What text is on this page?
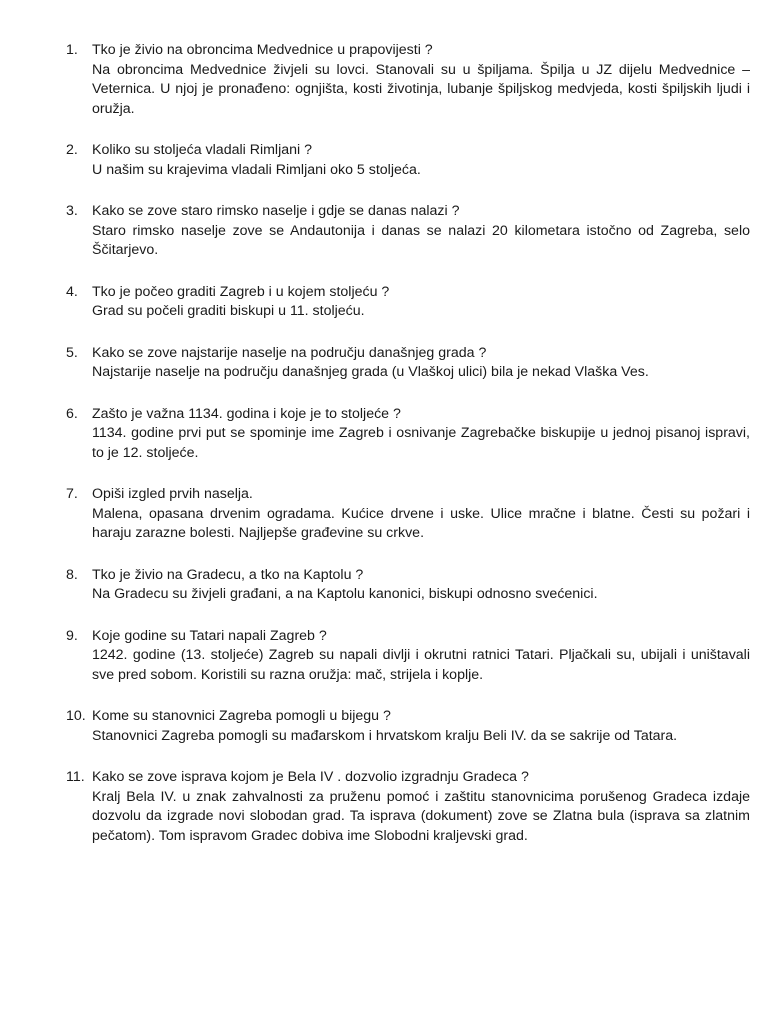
1. Tko je živio na obroncima Medvednice u prapovijesti ?
Na obroncima Medvednice živjeli su lovci. Stanovali su u špiljama. Špilja u JZ dijelu Medvednice – Veternica. U njoj je pronađeno: ognjišta, kosti životinja, lubanje špiljskog medvjeda, kosti špiljskih ljudi i oružja.
2. Koliko su stoljeća vladali Rimljani ?
U našim su krajevima vladali Rimljani oko 5 stoljeća.
3. Kako se zove staro rimsko naselje i gdje se danas nalazi ?
Staro rimsko naselje zove se Andautonija i danas se nalazi 20 kilometara istočno od Zagreba, selo Ščitarjevo.
4. Tko je počeo graditi Zagreb i u kojem stoljeću ?
Grad su počeli graditi biskupi u 11. stoljeću.
5. Kako se zove najstarije naselje na području današnjeg grada ?
Najstarije naselje na području današnjeg grada (u Vlaškoj ulici) bila je nekad Vlaška Ves.
6. Zašto je važna 1134. godina i koje je to stoljeće ?
1134. godine prvi put se spominje ime Zagreb i osnivanje Zagrebačke biskupije u jednoj pisanoj ispravi, to je 12. stoljeće.
7. Opiši izgled prvih naselja.
Malena, opasana drvenim ogradama. Kućice drvene i uske. Ulice mračne i blatne. Česti su požari i haraju zarazne bolesti. Najljepše građevine su crkve.
8. Tko je živio na Gradecu, a tko na Kaptolu ?
Na Gradecu su živjeli građani, a na Kaptolu kanonici, biskupi odnosno svećenici.
9. Koje godine su Tatari napali Zagreb ?
1242. godine (13. stoljeće) Zagreb su napali divlji i okrutni ratnici Tatari. Pljačkali su, ubijali i uništavali sve pred sobom. Koristili su razna oružja: mač, strijela i koplje.
10. Kome su stanovnici Zagreba pomogli u bijegu ?
Stanovnici Zagreba pomogli su mađarskom i hrvatskom kralju Beli IV. da se sakrije od Tatara.
11. Kako se zove isprava kojom je Bela IV . dozvolio izgradnju Gradeca ?
Kralj Bela IV. u znak zahvalnosti za pruženu pomoć i zaštitu stanovnicima porušenog Gradeca izdaje dozvolu da izgrade novi slobodan grad. Ta isprava (dokument) zove se Zlatna bula (isprava sa zlatnim pečatom). Tom ispravom Gradec dobiva ime Slobodni kraljevski grad.
